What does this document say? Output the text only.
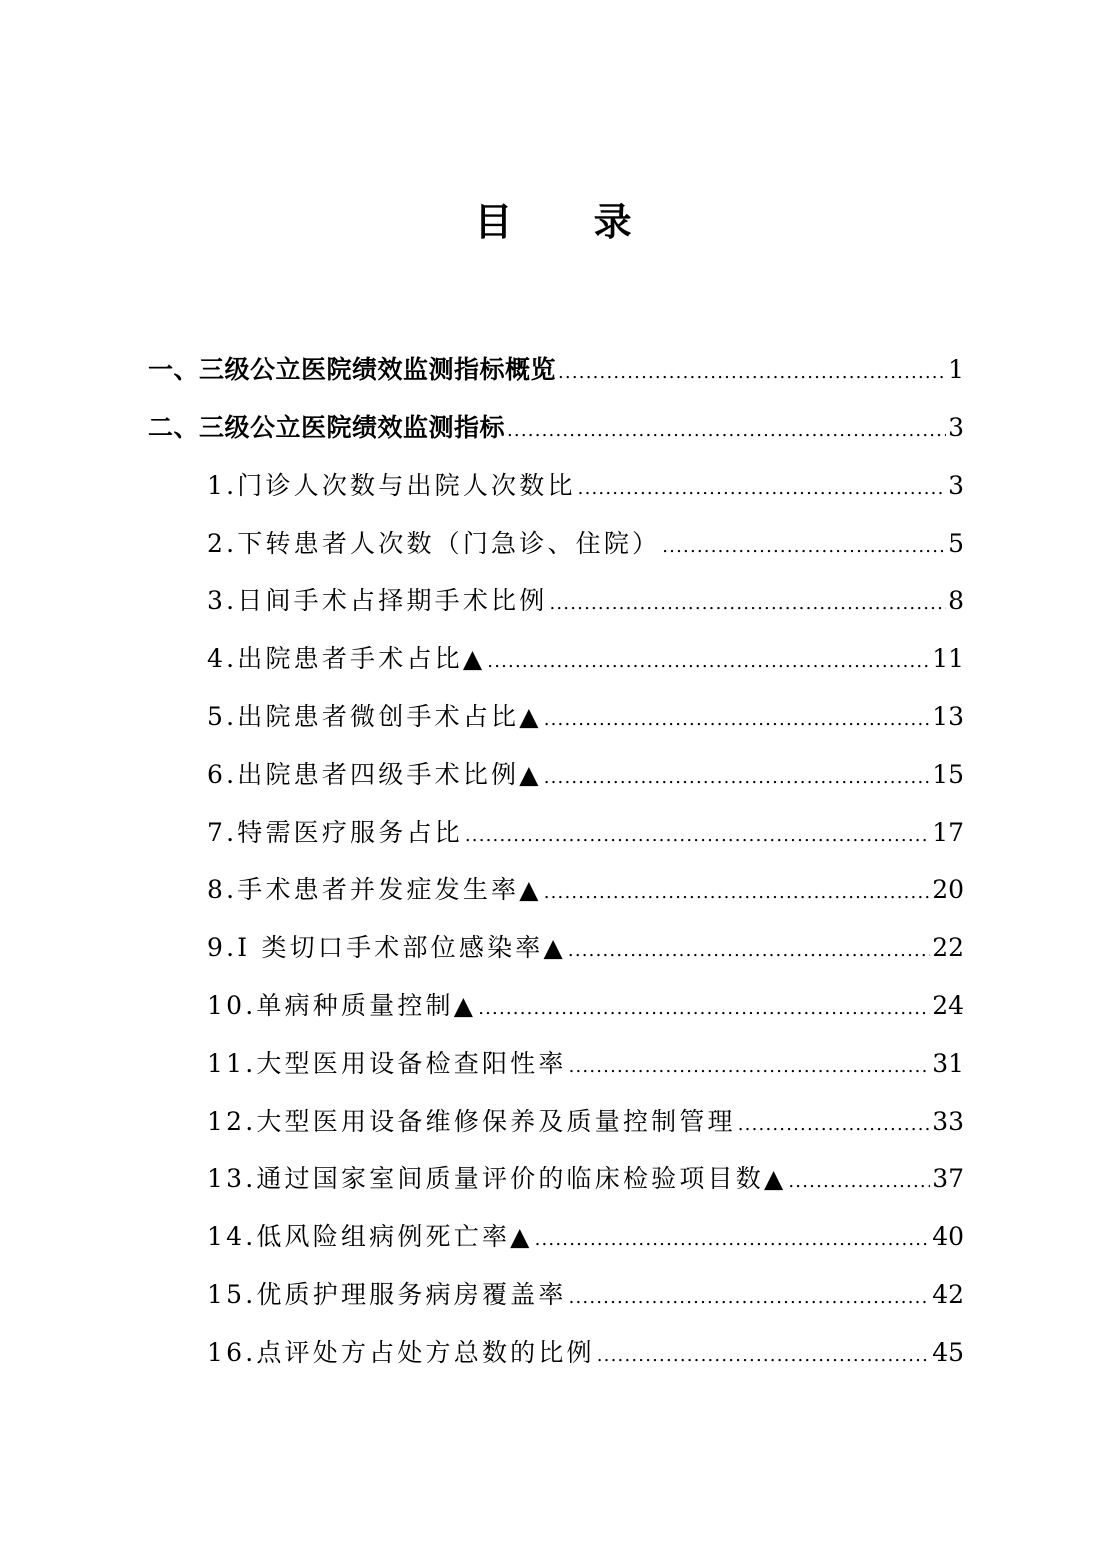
目 录
一、三级公立医院绩效监测指标概览 .....	1
二、三级公立医院绩效监测指标 .....	3
1.门诊人次数与出院人次数比 .....	3
2.下转患者人次数（门急诊、住院） .....	5
3.日间手术占择期手术比例 .....	8
4.出院患者手术占比▲ .....	11
5.出院患者微创手术占比▲ .....	13
6.出院患者四级手术比例▲ .....	15
7.特需医疗服务占比 .....	17
8.手术患者并发症发生率▲ .....	20
9.I 类切口手术部位感染率▲ .....	22
10.单病种质量控制▲ .....	24
11.大型医用设备检查阳性率 .....	31
12.大型医用设备维修保养及质量控制管理 .....	33
13.通过国家室间质量评价的临床检验项目数▲ .....	37
14.低风险组病例死亡率▲ .....	40
15.优质护理服务病房覆盖率 .....	42
16.点评处方占处方总数的比例 .....	45
